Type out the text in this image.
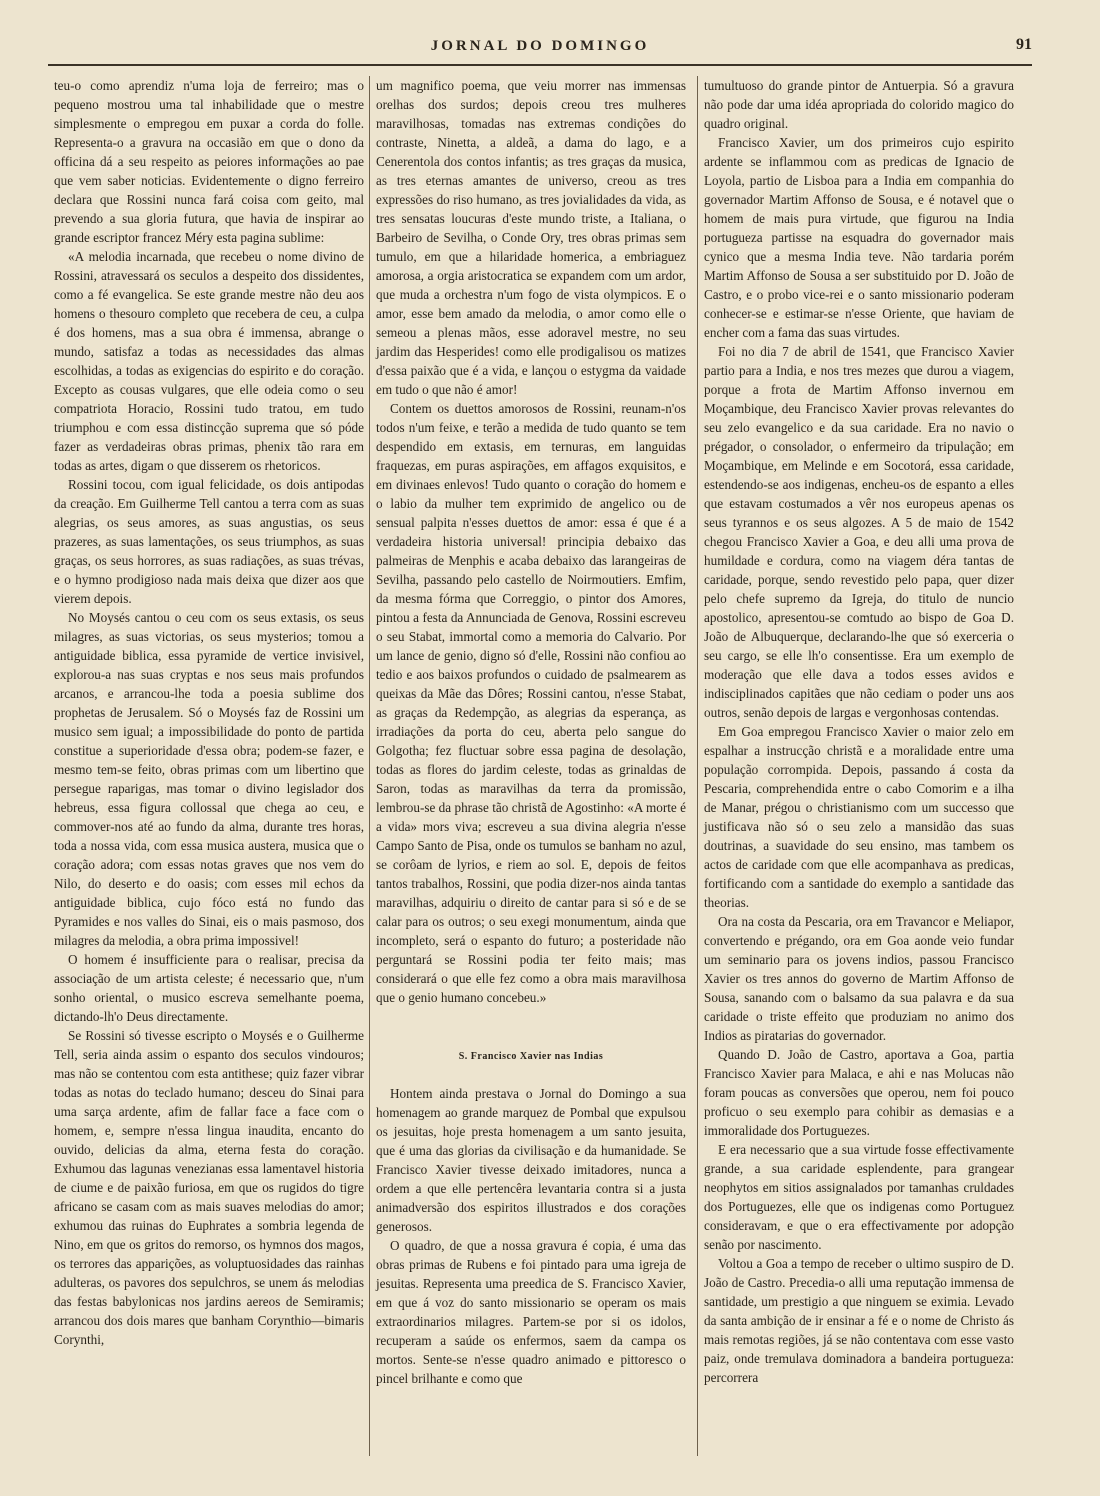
JORNAL DO DOMINGO	91

teu-o como aprendiz n'uma loja de ferreiro; mas o pequeno mostrou uma tal inhabilidade que o mestre simplesmente o empregou em puxar a corda do folle. Representa-o a gravura na occasião em que o dono da officina dá a seu respeito as peiores informações ao pae que vem saber noticias. Evidentemente o digno ferreiro declara que Rossini nunca fará coisa com geito, mal prevendo a sua gloria futura, que havia de inspirar ao grande escriptor francez Méry esta pagina sublime:

«A melodia incarnada, que recebeu o nome divino de Rossini, atravessará os seculos a despeito dos dissidentes, como a fé evangelica. Se este grande mestre não deu aos homens o thesouro completo que recebera de ceu, a culpa é dos homens, mas a sua obra é immensa, abrange o mundo, satisfaz a todas as necessidades das almas escolhidas, a todas as exigencias do espirito e do coração. Excepto as cousas vulgares, que elle odeia como o seu compatriota Horacio, Rossini tudo tratou, em tudo triumphou e com essa distincção suprema que só póde fazer as verdadeiras obras primas, phenix tão rara em todas as artes, digam o que disserem os rhetoricos.

Rossini tocou, com igual felicidade, os dois antipodas da creação. Em Guilherme Tell cantou a terra com as suas alegrias, os seus amores, as suas angustias, os seus prazeres, as suas lamentações, os seus triumphos, as suas graças, os seus horrores, as suas radiações, as suas trévas, e o hymno prodigioso nada mais deixa que dizer aos que vierem depois.

No Moysés cantou o ceu com os seus extasis, os seus milagres, as suas victorias, os seus mysterios; tomou a antiguidade biblica, essa pyramide de vertice invisivel, explorou-a nas suas cryptas e nos seus mais profundos arcanos, e arrancou-lhe toda a poesia sublime dos prophetas de Jerusalem. Só o Moysés faz de Rossini um musico sem igual; a impossibilidade do ponto de partida constitue a superioridade d'essa obra; podem-se fazer, e mesmo tem-se feito, obras primas com um libertino que persegue raparigas, mas tomar o divino legislador dos hebreus, essa figura collossal que chega ao ceu, e commover-nos até ao fundo da alma, durante tres horas, toda a nossa vida, com essa musica austera, musica que o coração adora; com essas notas graves que nos vem do Nilo, do deserto e do oasis; com esses mil echos da antiguidade biblica, cujo fóco está no fundo das Pyramides e nos valles do Sinai, eis o mais pasmoso, dos milagres da melodia, a obra prima impossivel!

O homem é insufficiente para o realisar, precisa da associação de um artista celeste; é necessario que, n'um sonho oriental, o musico escreva semelhante poema, dictando-lh'o Deus directamente.

Se Rossini só tivesse escripto o Moysés e o Guilherme Tell, seria ainda assim o espanto dos seculos vindouros; mas não se contentou com esta antithese; quiz fazer vibrar todas as notas do teclado humano; desceu do Sinai para uma sarça ardente, afim de fallar face a face com o homem, e, sempre n'essa lingua inaudita, encanto do ouvido, delicias da alma, eterna festa do coração. Exhumou das lagunas venezianas essa lamentavel historia de ciume e de paixão furiosa, em que os rugidos do tigre africano se casam com as mais suaves melodias do amor; exhumou das ruinas do Euphrates a sombria legenda de Nino, em que os gritos do remorso, os hymnos dos magos, os terrores das apparições, as voluptuosidades das rainhas adulteras, os pavores dos sepulchros, se unem ás melodias das festas babylonicas nos jardins aereos de Semiramis; arrancou dos dois mares que banham Corynthio—bimaris Corynthi,

um magnifico poema, que veiu morrer nas immensas orelhas dos surdos; depois creou tres mulheres maravilhosas, tomadas nas extremas condições do contraste, Ninetta, a aldeã, a dama do lago, e a Cenerentola dos contos infantis; as tres graças da musica, as tres eternas amantes de universo, creou as tres expressões do riso humano, as tres jovialidades da vida, as tres sensatas loucuras d'este mundo triste, a Italiana, o Barbeiro de Sevilha, o Conde Ory, tres obras primas sem tumulo, em que a hilaridade homerica, a embriaguez amorosa, a orgia aristocratica se expandem com um ardor, que muda a orchestra n'um fogo de vista olympicos. E o amor, esse bem amado da melodia, o amor como elle o semeou a plenas mãos, esse adoravel mestre, no seu jardim das Hesperides! como elle prodigalisou os matizes d'essa paixão que é a vida, e lançou o estygma da vaidade em tudo o que não é amor!

Contem os duettos amorosos de Rossini, reunam-n'os todos n'um feixe, e terão a medida de tudo quanto se tem despendido em extasis, em ternuras, em languidas fraquezas, em puras aspirações, em affagos exquisitos, e em divinaes enlevos! Tudo quanto o coração do homem e o labio da mulher tem exprimido de angelico ou de sensual palpita n'esses duettos de amor: essa é que é a verdadeira historia universal! principia debaixo das palmeiras de Menphis e acaba debaixo das larangeiras de Sevilha, passando pelo castello de Noirmoutiers. Emfim, da mesma fórma que Correggio, o pintor dos Amores, pintou a festa da Annunciada de Genova, Rossini escreveu o seu Stabat, immortal como a memoria do Calvario. Por um lance de genio, digno só d'elle, Rossini não confiou ao tedio e aos baixos profundos o cuidado de psalmearem as queixas da Mãe das Dôres; Rossini cantou, n'esse Stabat, as graças da Redempção, as alegrias da esperança, as irradiações da porta do ceu, aberta pelo sangue do Golgotha; fez fluctuar sobre essa pagina de desolação, todas as flores do jardim celeste, todas as grinaldas de Saron, todas as maravilhas da terra da promissão, lembrou-se da phrase tão christã de Agostinho: «A morte é a vida» mors viva; escreveu a sua divina alegria n'esse Campo Santo de Pisa, onde os tumulos se banham no azul, se corôam de lyrios, e riem ao sol. E, depois de feitos tantos trabalhos, Rossini, que podia dizer-nos ainda tantas maravilhas, adquiriu o direito de cantar para si só e de se calar para os outros; o seu exegi monumentum, ainda que incompleto, será o espanto do futuro; a posteridade não perguntará se Rossini podia ter feito mais; mas considerará o que elle fez como a obra mais maravilhosa que o genio humano concebeu.»

S. Francisco Xavier nas Indias

Hontem ainda prestava o Jornal do Domingo a sua homenagem ao grande marquez de Pombal que expulsou os jesuitas, hoje presta homenagem a um santo jesuita, que é uma das glorias da civilisação e da humanidade. Se Francisco Xavier tivesse deixado imitadores, nunca a ordem a que elle pertencêra levantaria contra si a justa animadversão dos espiritos illustrados e dos corações generosos.

O quadro, de que a nossa gravura é copia, é uma das obras primas de Rubens e foi pintado para uma igreja de jesuitas. Representa uma preedica de S. Francisco Xavier, em que á voz do santo missionario se operam os mais extraordinarios milagres. Partem-se por si os idolos, recuperam a saúde os enfermos, saem da campa os mortos. Sente-se n'esse quadro animado e pittoresco o pincel brilhante e como que

tumultuoso do grande pintor de Antuerpia. Só a gravura não pode dar uma idéa apropriada do colorido magico do quadro original.

Francisco Xavier, um dos primeiros cujo espirito ardente se inflammou com as predicas de Ignacio de Loyola, partio de Lisboa para a India em companhia do governador Martim Affonso de Sousa, e é notavel que o homem de mais pura virtude, que figurou na India portugueza partisse na esquadra do governador mais cynico que a mesma India teve. Não tardaria porém Martim Affonso de Sousa a ser substituido por D. João de Castro, e o probo vice-rei e o santo missionario poderam conhecer-se e estimar-se n'esse Oriente, que haviam de encher com a fama das suas virtudes.

Foi no dia 7 de abril de 1541, que Francisco Xavier partio para a India, e nos tres mezes que durou a viagem, porque a frota de Martim Affonso invernou em Moçambique, deu Francisco Xavier provas relevantes do seu zelo evangelico e da sua caridade. Era no navio o prégador, o consolador, o enfermeiro da tripulação; em Moçambique, em Melinde e em Socotorá, essa caridade, estendendo-se aos indigenas, encheu-os de espanto a elles que estavam costumados a vêr nos europeus apenas os seus tyrannos e os seus algozes. A 5 de maio de 1542 chegou Francisco Xavier a Goa, e deu alli uma prova de humildade e cordura, como na viagem déra tantas de caridade, porque, sendo revestido pelo papa, quer dizer pelo chefe supremo da Igreja, do titulo de nuncio apostolico, apresentou-se comtudo ao bispo de Goa D. João de Albuquerque, declarando-lhe que só exerceria o seu cargo, se elle lh'o consentisse. Era um exemplo de moderação que elle dava a todos esses avidos e indisciplinados capitães que não cediam o poder uns aos outros, senão depois de largas e vergonhosas contendas.

Em Goa empregou Francisco Xavier o maior zelo em espalhar a instrucção christã e a moralidade entre uma população corrompida. Depois, passando á costa da Pescaria, comprehendida entre o cabo Comorim e a ilha de Manar, prégou o christianismo com um successo que justificava não só o seu zelo a mansidão das suas doutrinas, a suavidade do seu ensino, mas tambem os actos de caridade com que elle acompanhava as predicas, fortificando com a santidade do exemplo a santidade das theorias.

Ora na costa da Pescaria, ora em Travancor e Meliapor, convertendo e prégando, ora em Goa aonde veio fundar um seminario para os jovens indios, passou Francisco Xavier os tres annos do governo de Martim Affonso de Sousa, sanando com o balsamo da sua palavra e da sua caridade o triste effeito que produziam no animo dos Indios as piratarias do governador.

Quando D. João de Castro, aportava a Goa, partia Francisco Xavier para Malaca, e ahi e nas Molucas não foram poucas as conversões que operou, nem foi pouco proficuo o seu exemplo para cohibir as demasias e a immoralidade dos Portuguezes.

E era necessario que a sua virtude fosse effectivamente grande, a sua caridade esplendente, para grangear neophytos em sitios assignalados por tamanhas cruldades dos Portuguezes, elle que os indigenas como Portuguez consideravam, e que o era effectivamente por adopção senão por nascimento.

Voltou a Goa a tempo de receber o ultimo suspiro de D. João de Castro. Precedia-o alli uma reputação immensa de santidade, um prestigio a que ninguem se eximia. Levado da santa ambição de ir ensinar a fé e o nome de Christo ás mais remotas regiões, já se não contentava com esse vasto paiz, onde tremulava dominadora a bandeira portugueza: percorrera
